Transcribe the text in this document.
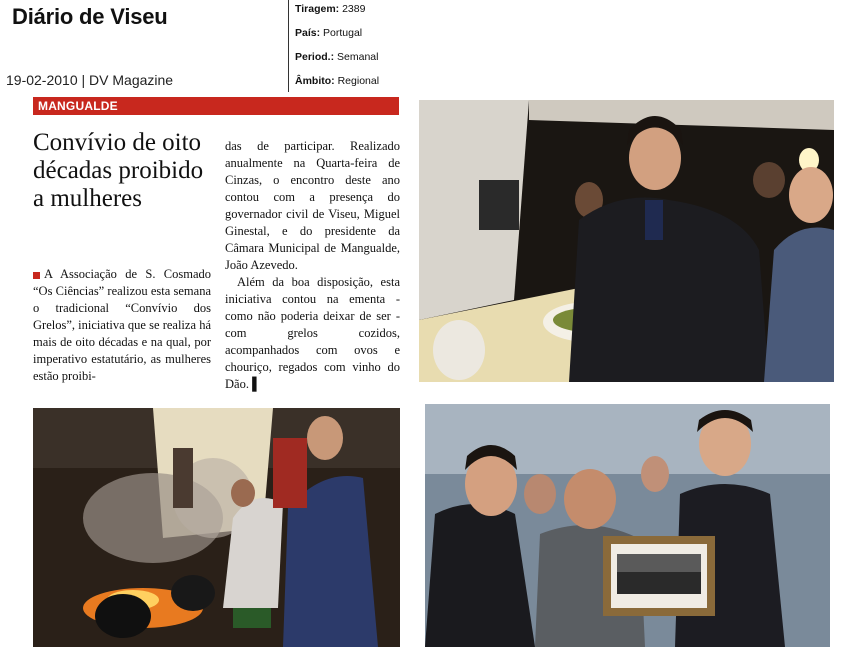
Diário de Viseu
19-02-2010 | DV Magazine
Tiragem: 2389
País: Portugal
Period.: Semanal
Âmbito: Regional
MANGUALDE
Convívio de oito décadas proibido a mulheres

A Associação de S. Cosmado “Os Ciências” realizou esta semana o tradicional “Convívio dos Grelos”, iniciativa que se realiza há mais de oito décadas e na qual, por imperativo estatutário, as mulheres estão proibi-

das de participar. Realizado anualmente na Quarta-feira de Cinzas, o encontro deste ano contou com a presença do governador civil de Viseu, Miguel Ginestal, e do presidente da Câmara Municipal de Mangualde, João Azevedo.

Além da boa disposição, esta iniciativa contou na ementa - como não poderia deixar de ser - com grelos cozidos, acompanhados com ovos e chouriço, regados com vinho do Dão. ▌
